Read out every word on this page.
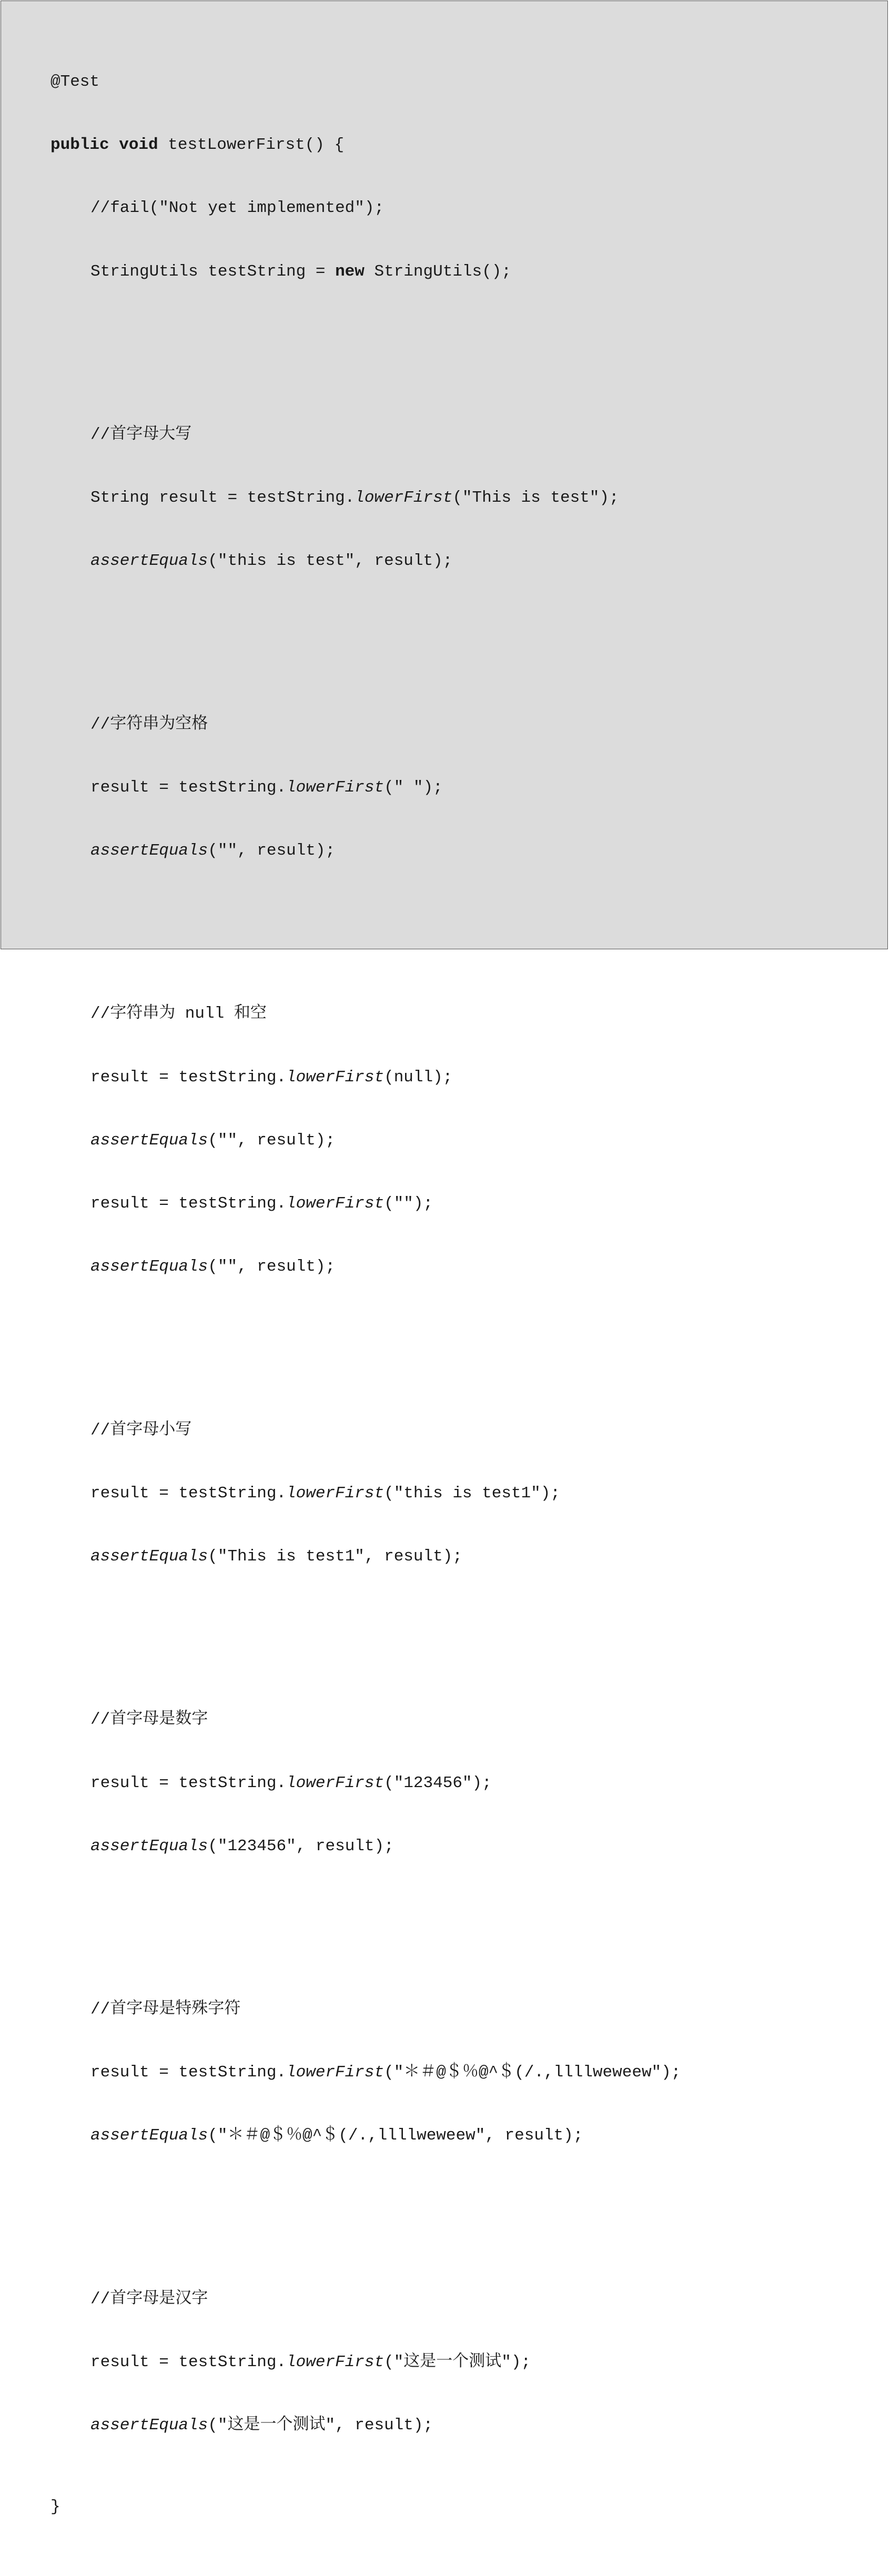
@Test

public void testLowerFirst() {

//fail("Not yet implemented");

StringUtils testString = new StringUtils();

//首字母大写

String result = testString.lowerFirst("This is test");

assertEquals("this is test", result);

//字符串为空格

result = testString.lowerFirst(" ");

assertEquals("", result);

//字符串为 null 和空

result = testString.lowerFirst(null);

assertEquals("", result);

result = testString.lowerFirst("");

assertEquals("", result);

//首字母小写

result = testString.lowerFirst("this is test1");

assertEquals("This is test1", result);

//首字母是数字

result = testString.lowerFirst("123456");

assertEquals("123456", result);

//首字母是特殊字符

result = testString.lowerFirst("＊＃@＄％@^＄(/.,llllweweew");

assertEquals("＊＃@＄％@^＄(/.,llllweweew", result);

//首字母是汉字

result = testString.lowerFirst("这是一个测试");

assertEquals("这是一个测试", result);

}
